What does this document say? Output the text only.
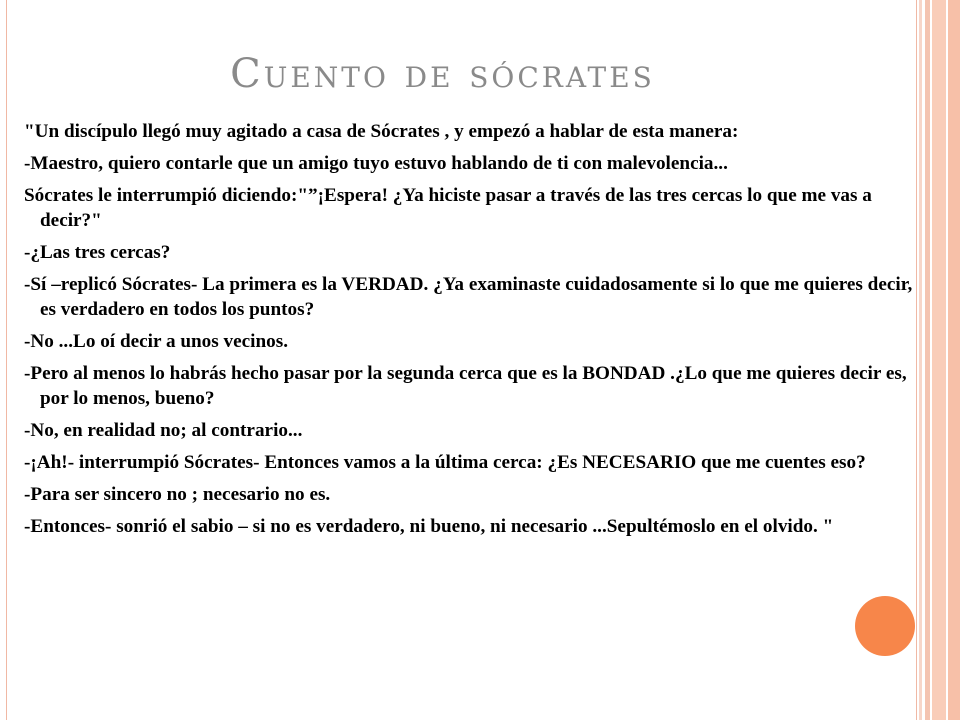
Cuento de sócrates

"Un discípulo llegó muy agitado a casa de Sócrates , y empezó a hablar de esta manera:

-Maestro, quiero contarle que un amigo tuyo estuvo hablando de ti con malevolencia...

Sócrates le interrumpió diciendo:"”¡Espera! ¿Ya hiciste pasar a través de las tres cercas lo que me vas a decir?"

-¿Las tres cercas?

-Sí –replicó Sócrates- La primera es la VERDAD. ¿Ya examinaste cuidadosamente si lo que me quieres decir, es verdadero en todos los puntos?

-No ...Lo oí decir a unos vecinos.

-Pero al menos lo habrás hecho pasar por la segunda cerca que es la BONDAD .¿Lo que me quieres decir es, por lo menos, bueno?

-No, en realidad no; al contrario...

-¡Ah!- interrumpió Sócrates- Entonces vamos a la última cerca: ¿Es NECESARIO que me cuentes eso?

-Para ser sincero no ; necesario no es.

-Entonces- sonrió el sabio – si no es verdadero, ni bueno, ni necesario ...Sepultémoslo en el olvido. "
